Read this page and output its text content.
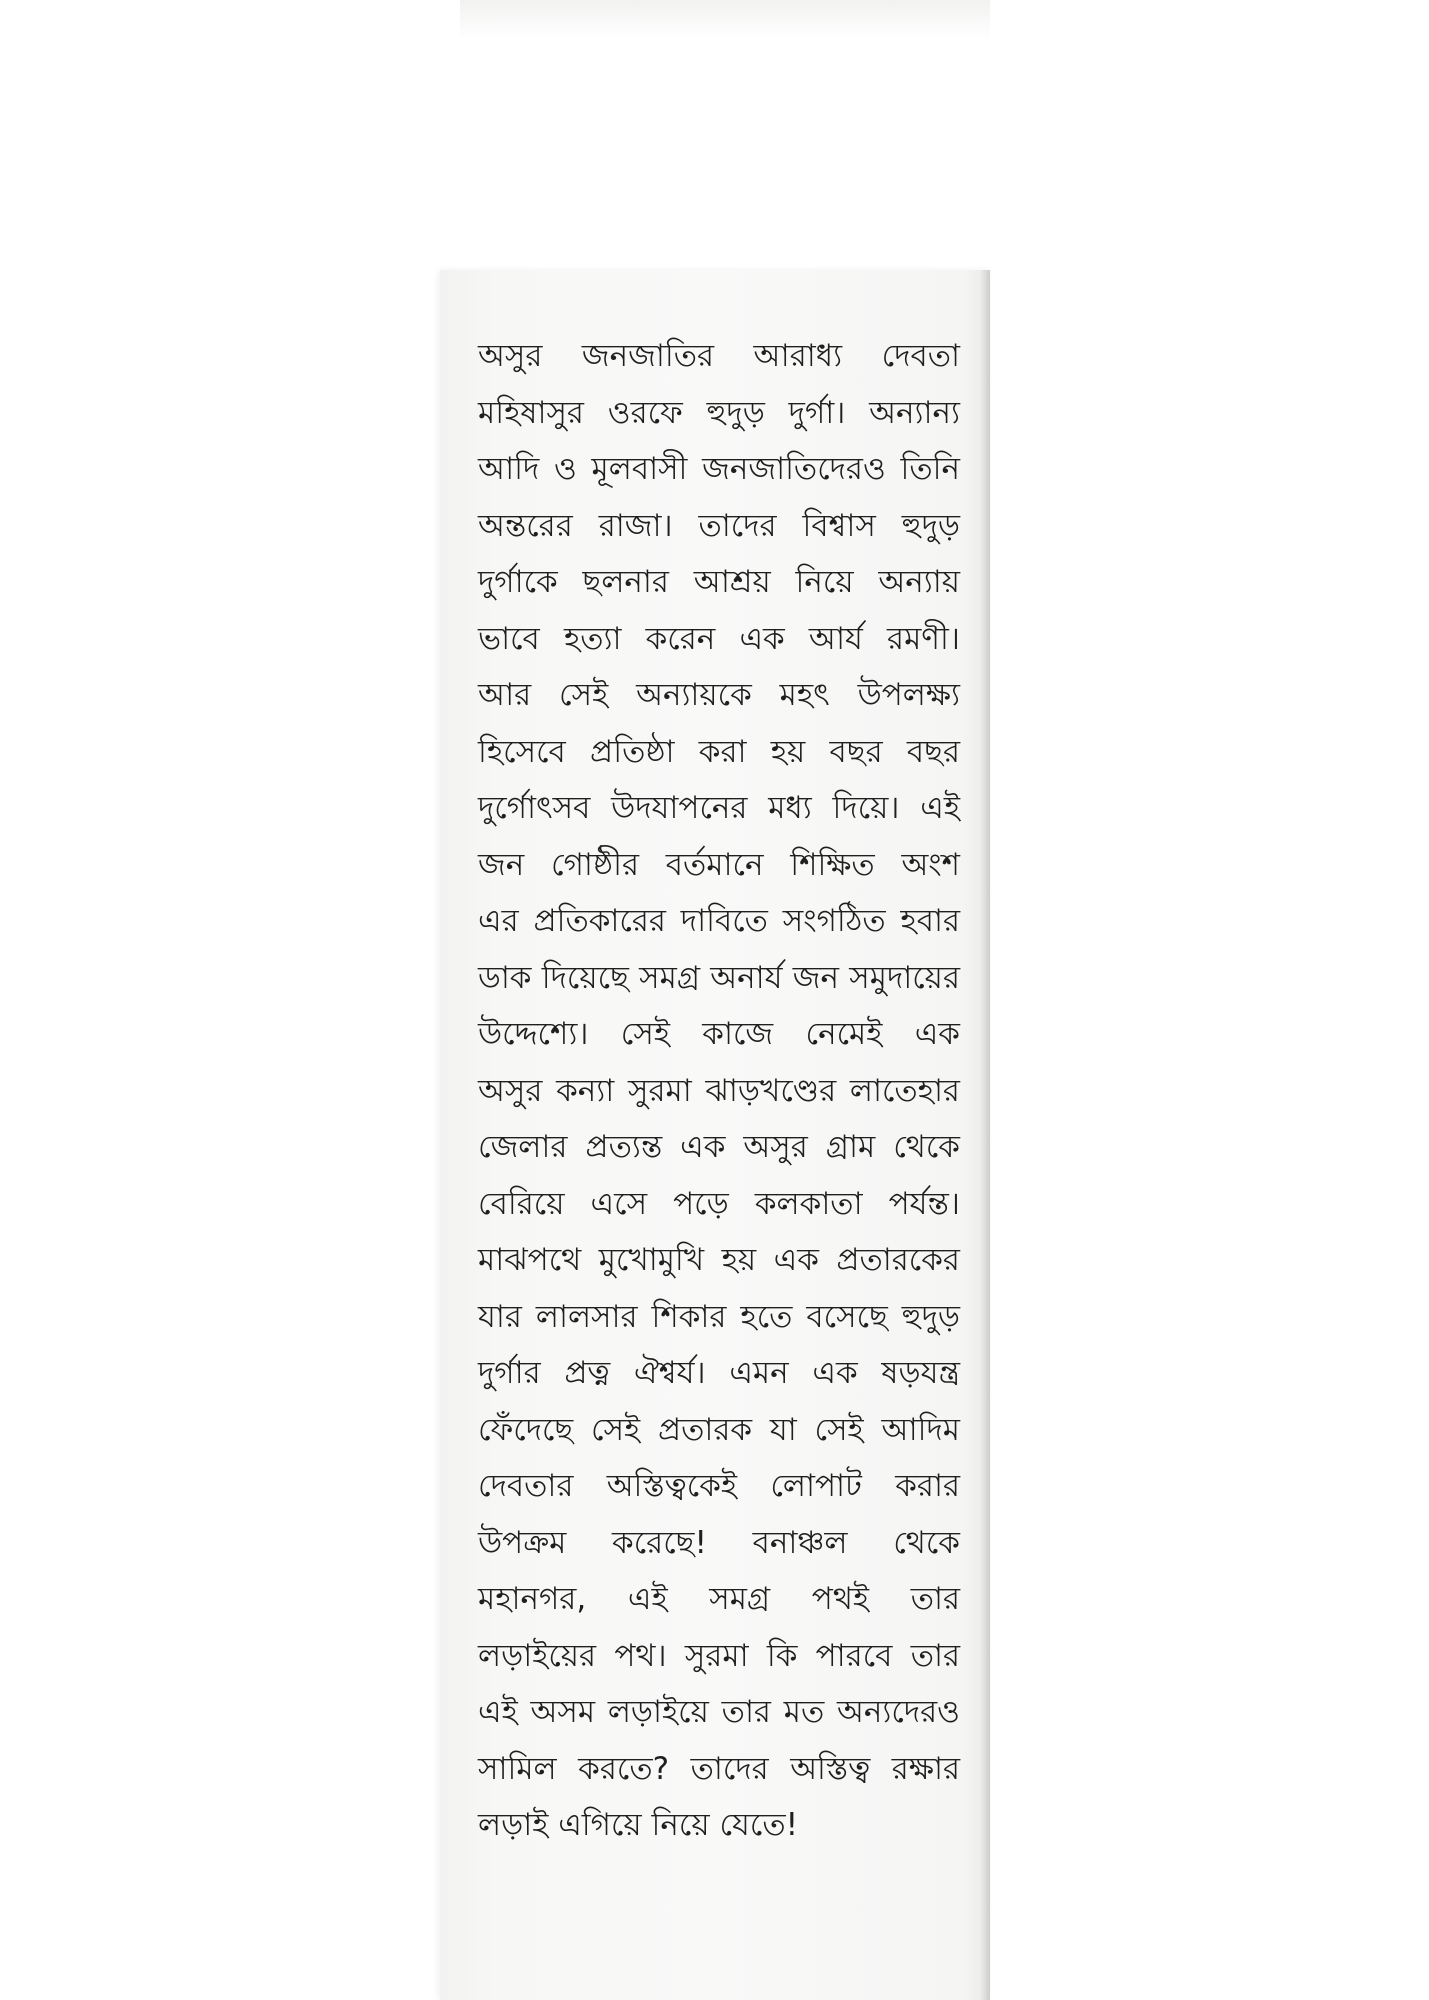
অসুর জনজাতির আরাধ্য দেবতা
মহিষাসুর ওরফে হুদুড় দুর্গা। অন্যান্য
আদি ও মূলবাসী জনজাতিদেরও তিনি
অন্তরের রাজা। তাদের বিশ্বাস হুদুড়
দুর্গাকে ছলনার আশ্রয় নিয়ে অন্যায়
ভাবে হত্যা করেন এক আর্য রমণী।
আর সেই অন্যায়কে মহৎ উপলক্ষ্য
হিসেবে প্রতিষ্ঠা করা হয় বছর বছর
দুর্গোৎসব উদযাপনের মধ্য দিয়ে। এই
জন গোষ্ঠীর বর্তমানে শিক্ষিত অংশ
এর প্রতিকারের দাবিতে সংগঠিত হবার
ডাক দিয়েছে সমগ্র অনার্য জন সমুদায়ের
উদ্দেশ্যে। সেই কাজে নেমেই এক
অসুর কন্যা সুরমা ঝাড়খণ্ডের লাতেহার
জেলার প্রত্যন্ত এক অসুর গ্রাম থেকে
বেরিয়ে এসে পড়ে কলকাতা পর্যন্ত।
মাঝপথে মুখোমুখি হয় এক প্রতারকের
যার লালসার শিকার হতে বসেছে হুদুড়
দুর্গার প্রত্ন ঐশ্বর্য। এমন এক ষড়যন্ত্র
ফেঁদেছে সেই প্রতারক যা সেই আদিম
দেবতার অস্তিত্বকেই লোপাট করার
উপক্রম করেছে! বনাঞ্চল থেকে
মহানগর, এই সমগ্র পথই তার
লড়াইয়ের পথ। সুরমা কি পারবে তার
এই অসম লড়াইয়ে তার মত অন্যদেরও
সামিল করতে? তাদের অস্তিত্ব রক্ষার
লড়াই এগিয়ে নিয়ে যেতে!
